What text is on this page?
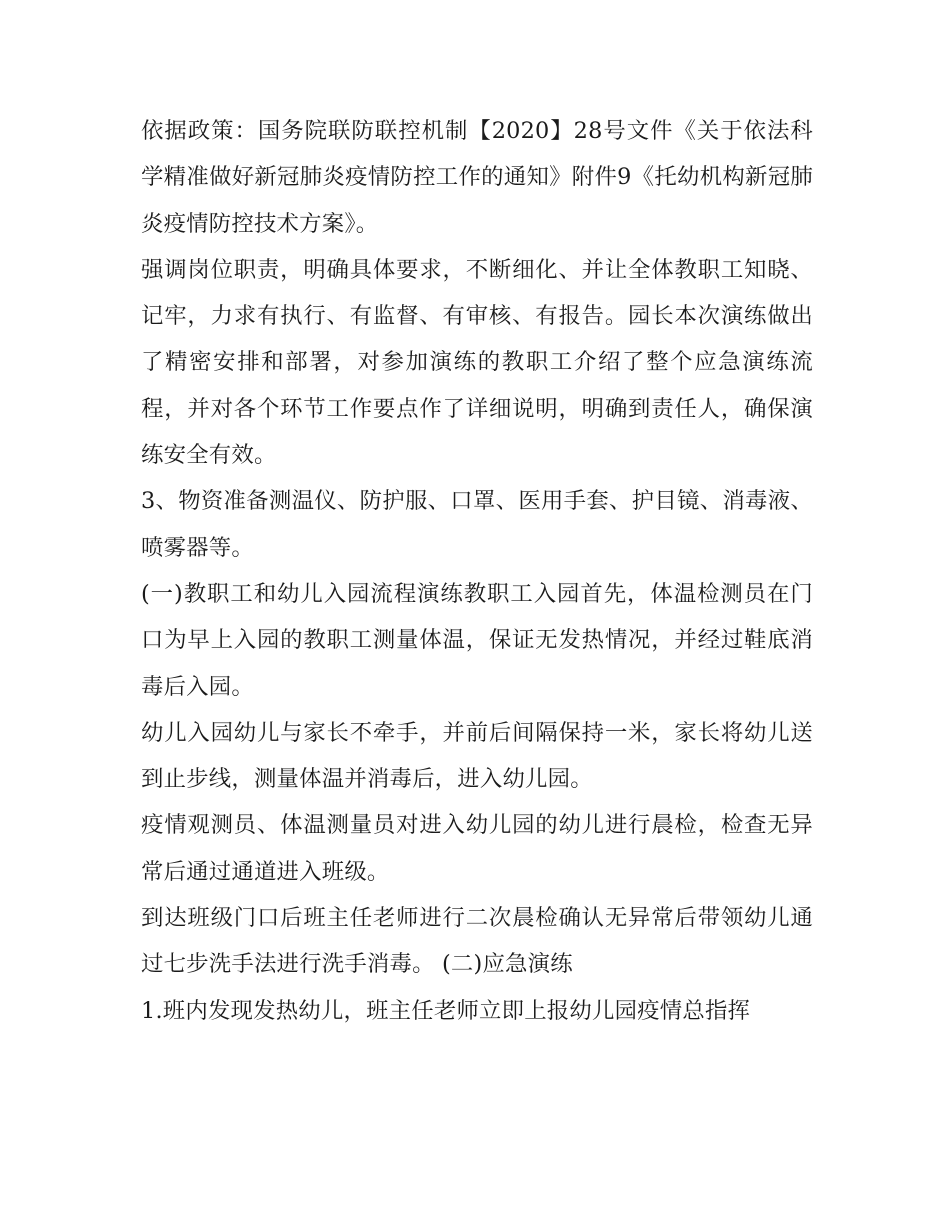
依据政策：国务院联防联控机制【2020】28号文件《关于依法科学精准做好新冠肺炎疫情防控工作的通知》附件9《托幼机构新冠肺炎疫情防控技术方案》。

强调岗位职责，明确具体要求，不断细化、并让全体教职工知晓、记牢，力求有执行、有监督、有审核、有报告。园长本次演练做出了精密安排和部署，对参加演练的教职工介绍了整个应急演练流程，并对各个环节工作要点作了详细说明，明确到责任人，确保演练安全有效。

3、物资准备测温仪、防护服、口罩、医用手套、护目镜、消毒液、喷雾器等。

(一)教职工和幼儿入园流程演练教职工入园首先，体温检测员在门口为早上入园的教职工测量体温，保证无发热情况，并经过鞋底消毒后入园。

幼儿入园幼儿与家长不牵手，并前后间隔保持一米，家长将幼儿送到止步线，测量体温并消毒后，进入幼儿园。

疫情观测员、体温测量员对进入幼儿园的幼儿进行晨检，检查无异常后通过通道进入班级。

到达班级门口后班主任老师进行二次晨检确认无异常后带领幼儿通过七步洗手法进行洗手消毒。 (二)应急演练

1.班内发现发热幼儿，班主任老师立即上报幼儿园疫情总指挥
